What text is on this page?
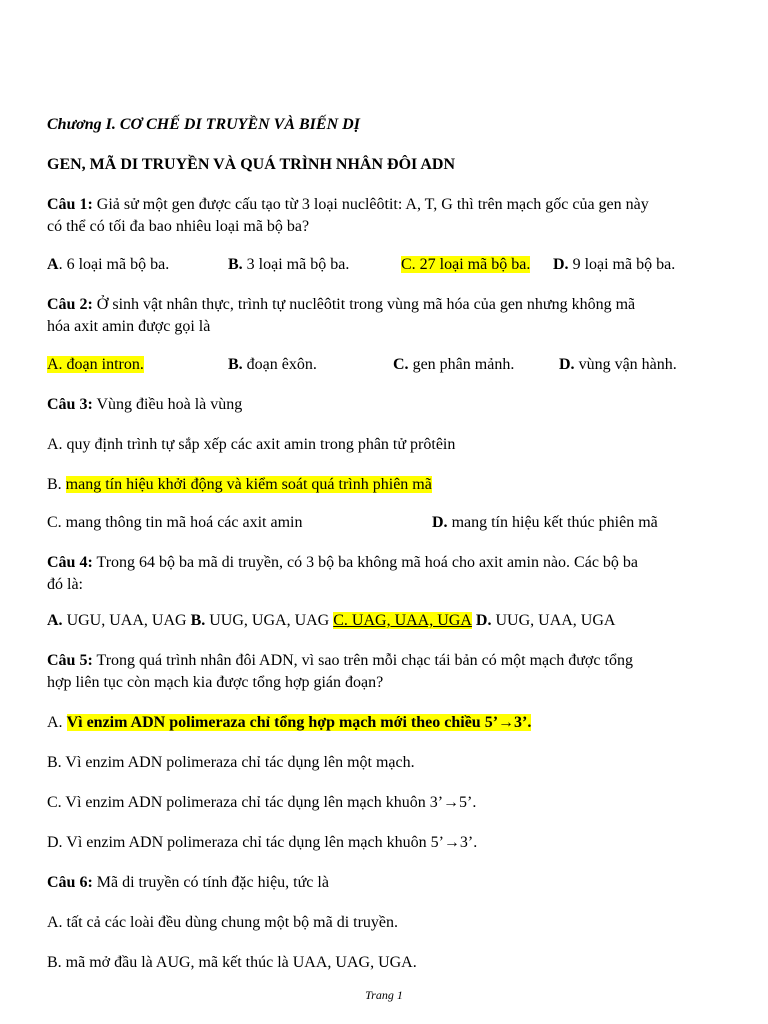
Chương I. CƠ CHẾ DI TRUYỀN VÀ BIẾN DỊ
GEN, MÃ DI TRUYỀN VÀ QUÁ TRÌNH NHÂN ĐÔI ADN
Câu 1: Giả sử một gen được cấu tạo từ 3 loại nuclêôtit: A, T, G thì trên mạch gốc của gen này
có thể có tối đa bao nhiêu loại mã bộ ba?
A. 6 loại mã bộ ba.	B. 3 loại mã bộ ba.	C. 27 loại mã bộ ba. D. 9 loại mã bộ ba.
Câu 2: Ở sinh vật nhân thực, trình tự nuclêôtit trong vùng mã hóa của gen nhưng không mã
hóa axit amin được gọi là
A. đoạn intron.	B. đoạn êxôn.	C. gen phân mảnh.	D. vùng vận hành.
Câu 3: Vùng điều hoà là vùng
A. quy định trình tự sắp xếp các axit amin trong phân tử prôtêin
B. mang tín hiệu khởi động và kiểm soát quá trình phiên mã
C. mang thông tin mã hoá các axit amin	D. mang tín hiệu kết thúc phiên mã
Câu 4: Trong 64 bộ ba mã di truyền, có 3 bộ ba không mã hoá cho axit amin nào. Các bộ ba
đó là:
A. UGU, UAA, UAG B. UUG, UGA, UAG C. UAG, UAA, UGA D. UUG, UAA, UGA
Câu 5: Trong quá trình nhân đôi ADN, vì sao trên mỗi chạc tái bản có một mạch được tổng
hợp liên tục còn mạch kia được tổng hợp gián đoạn?
A. Vì enzim ADN polimeraza chỉ tổng hợp mạch mới theo chiều 5’→3’.
B. Vì enzim ADN polimeraza chỉ tác dụng lên một mạch.
C. Vì enzim ADN polimeraza chỉ tác dụng lên mạch khuôn 3’→5’.
D. Vì enzim ADN polimeraza chỉ tác dụng lên mạch khuôn 5’→3’.
Câu 6: Mã di truyền có tính đặc hiệu, tức là
A. tất cả các loài đều dùng chung một bộ mã di truyền.
B. mã mở đầu là AUG, mã kết thúc là UAA, UAG, UGA.
Trang 1
